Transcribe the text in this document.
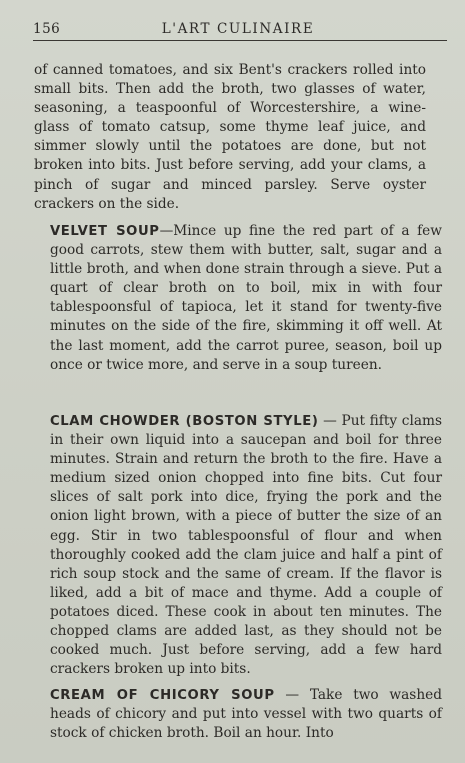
156	L'ART CULINAIRE

of canned tomatoes, and six Bent's crackers rolled into small bits. Then add the broth, two glasses of water, seasoning, a teaspoonful of Worcestershire, a wine-glass of tomato catsup, some thyme leaf juice, and simmer slowly until the potatoes are done, but not broken into bits. Just before serving, add your clams, a pinch of sugar and minced parsley. Serve oyster crackers on the side.

VELVET SOUP—Mince up fine the red part of a few good carrots, stew them with butter, salt, sugar and a little broth, and when done strain through a sieve. Put a quart of clear broth on to boil, mix in with four tablespoonsful of tapioca, let it stand for twenty-five minutes on the side of the fire, skimming it off well. At the last moment, add the carrot puree, season, boil up once or twice more, and serve in a soup tureen.

CLAM CHOWDER (BOSTON STYLE) — Put fifty clams in their own liquid into a saucepan and boil for three minutes. Strain and return the broth to the fire. Have a medium sized onion chopped into fine bits. Cut four slices of salt pork into dice, frying the pork and the onion light brown, with a piece of butter the size of an egg. Stir in two tablespoonsful of flour and when thoroughly cooked add the clam juice and half a pint of rich soup stock and the same of cream. If the flavor is liked, add a bit of mace and thyme. Add a couple of potatoes diced. These cook in about ten minutes. The chopped clams are added last, as they should not be cooked much. Just before serving, add a few hard crackers broken up into bits.

CREAM OF CHICORY SOUP — Take two washed heads of chicory and put into vessel with two quarts of stock of chicken broth. Boil an hour. Into
